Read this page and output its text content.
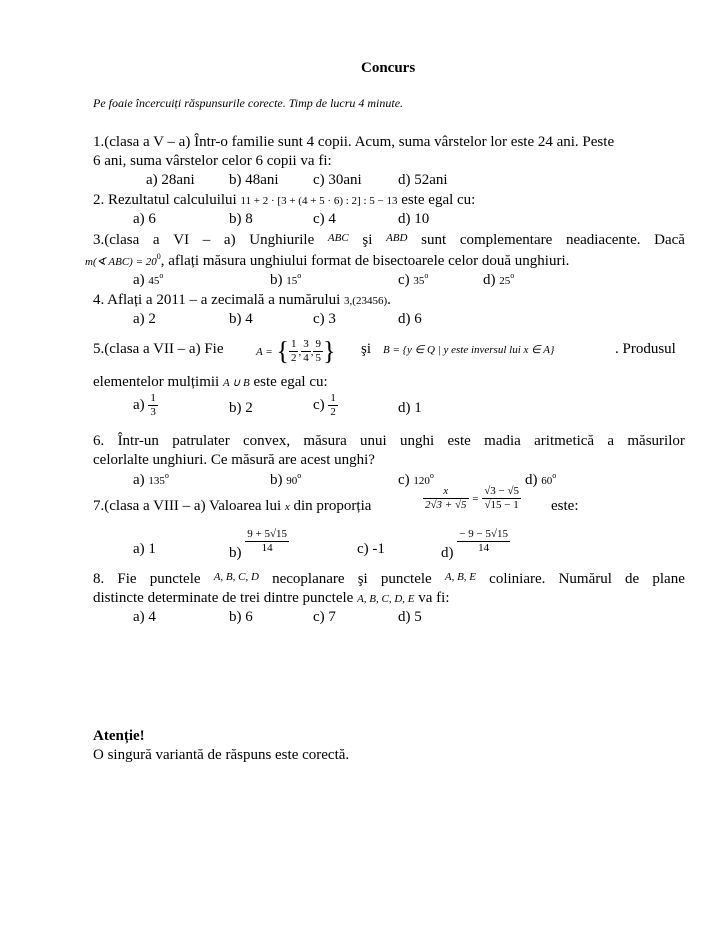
Concurs
Pe foaie încercuiți răspunsurile corecte. Timp de lucru 4 minute.
1.(clasa a V – a) Într-o familie sunt 4 copii. Acum, suma vârstelor lor este 24 ani. Peste
6 ani, suma vârstelor celor 6 copii va fi:
a) 28ani b) 48ani c) 30ani d) 52ani
2. Rezultatul calculuilui 11 + 2 · [3 + (4 + 5 · 6) : 2] : 5 − 13 este egal cu:
a) 6	b) 8	c) 4	d) 10
3.(clasa a VI – a) Unghiurile ABC şi ABD sunt complementare neadiacente. Dacă
m(∢ $ABC) = 20^0$, aflați măsura unghiului format de bisectoarele celor două unghiuri.
a) 45$^o$	b) 15$^o$	c) 35$^o$	d) 25$^o$
4. Aflați a 2011 – a zecimală a numărului 3,(23456).
a) 2	b) 4	c) 3	d) 6
5.(clasa a VII – a) Fie	A = { $\frac{1}{2}$ , $\frac{3}{4}$ , $\frac{9}{5}$ } şi B = {y ∈ Q | y este inversul lui x ∈ A}	. Produsul
elementelor mulțimii A ∪ B este egal cu:
$a) \frac{1}{3}$	b) 2	$c) \frac{1}{2}$	d) 1
6. Într-un patrulater convex, măsura unui unghi este madia aritmetică a măsurilor
celorlalte unghiuri. Ce măsură are acest unghi?
a) 135$^o$	b) 90$^o$	c) 120$^o$	d) 60$^o$
7.(clasa a VIII – a) Valoarea lui x din proporția	$\frac{x}{2√3 + √5} = \frac{√3 - √5}{√15 - 1}$ este:
a) 1	$b) \frac{9 + 5√15}{14}$	c) -1	$d) \frac{- 9 - 5√15}{14}$
8. Fie punctele A, B, C, D necoplanare şi punctele A, B, E coliniare. Numărul de plane
distincte determinate de trei dintre punctele A, B, C, D, E va fi:
a) 4	b) 6	c) 7	d) 5
Atenție!
O singură variantă de răspuns este corectă.
